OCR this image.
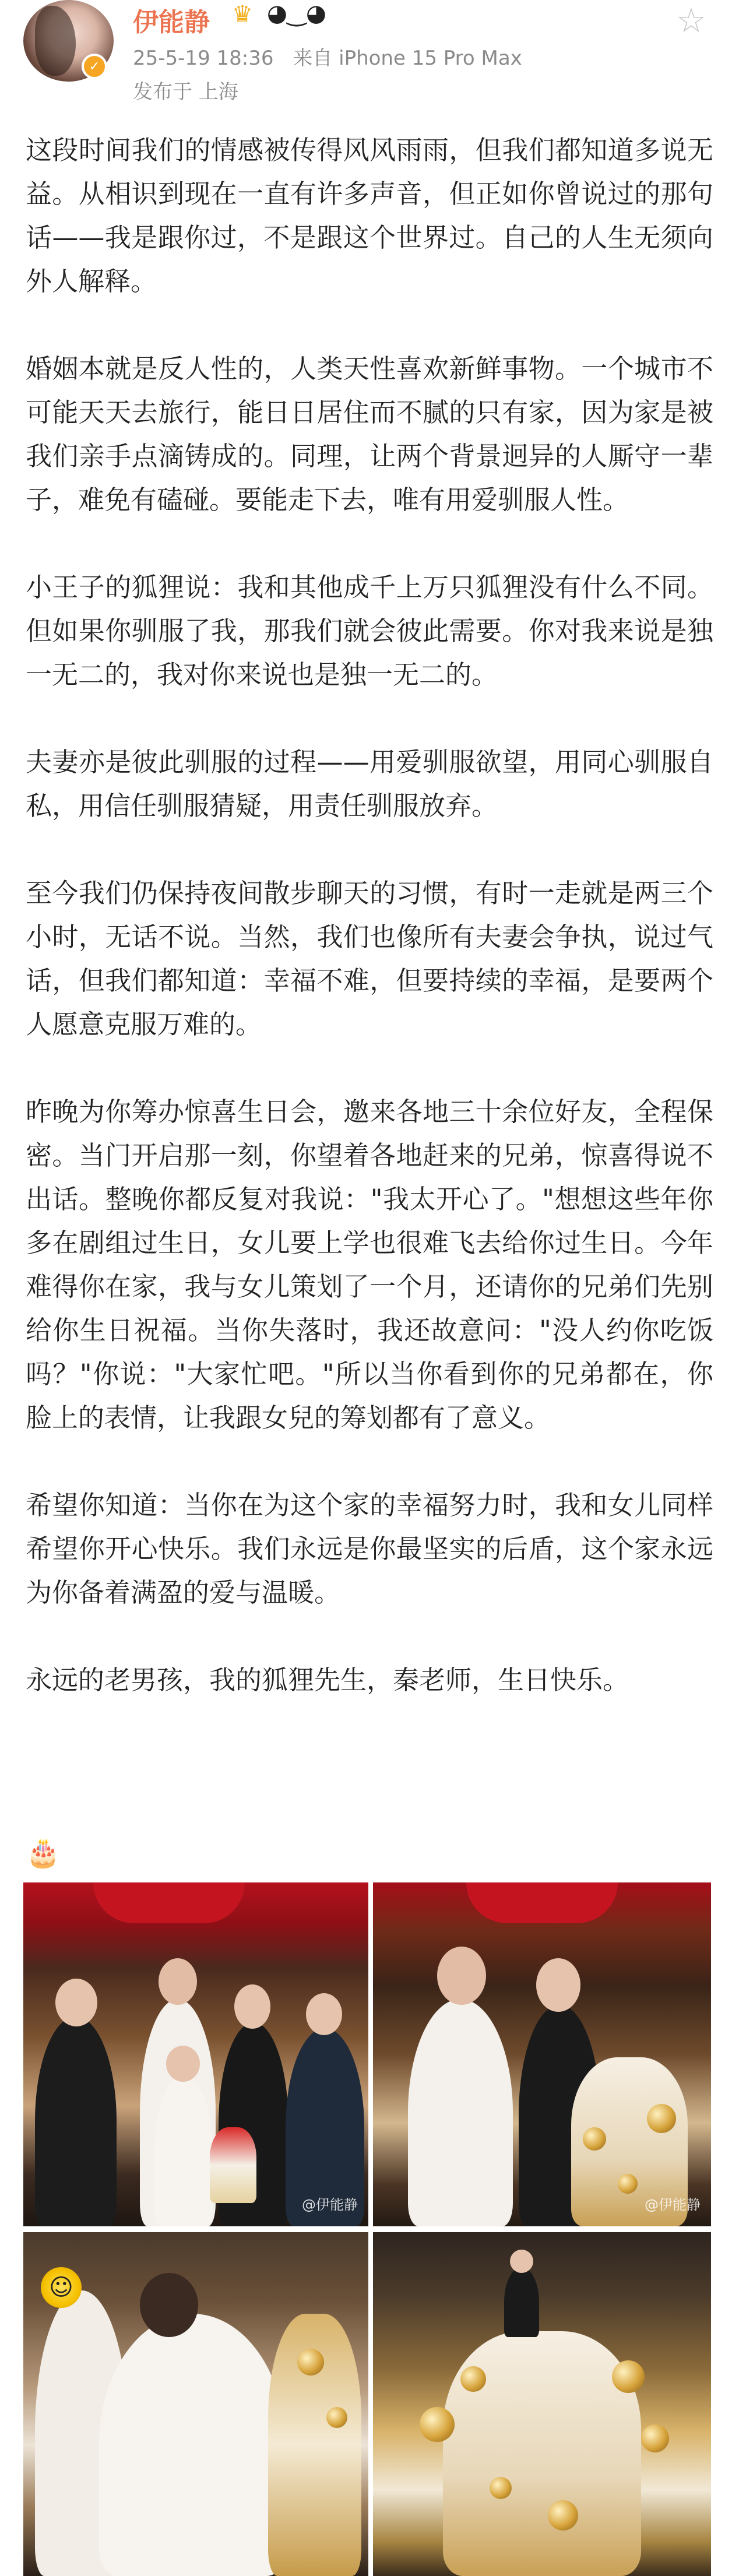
✓
伊能静 ♛ ◕‿◕
25-5-19 18:36 来自 iPhone 15 Pro Max
发布于 上海
☆

这段时间我们的情感被传得风风雨雨，但我们都知道多说无益。从相识到现在一直有许多声音，但正如你曾说过的那句话——我是跟你过，不是跟这个世界过。自己的人生无须向外人解释。

婚姻本就是反人性的，人类天性喜欢新鲜事物。一个城市不可能天天去旅行，能日日居住而不腻的只有家，因为家是被我们亲手点滴铸成的。同理，让两个背景迥异的人厮守一辈子，难免有磕碰。要能走下去，唯有用爱驯服人性。

小王子的狐狸说：我和其他成千上万只狐狸没有什么不同。但如果你驯服了我，那我们就会彼此需要。你对我来说是独一无二的，我对你来说也是独一无二的。

夫妻亦是彼此驯服的过程——用爱驯服欲望，用同心驯服自私，用信任驯服猜疑，用责任驯服放弃。

至今我们仍保持夜间散步聊天的习惯，有时一走就是两三个小时，无话不说。当然，我们也像所有夫妻会争执，说过气话，但我们都知道：幸福不难，但要持续的幸福，是要两个人愿意克服万难的。

昨晚为你筹办惊喜生日会，邀来各地三十余位好友，全程保密。当门开启那一刻，你望着各地赶来的兄弟，惊喜得说不出话。整晚你都反复对我说："我太开心了。"想想这些年你多在剧组过生日，女儿要上学也很难飞去给你过生日。今年难得你在家，我与女儿策划了一个月，还请你的兄弟们先别给你生日祝福。当你失落时，我还故意问："没人约你吃饭吗？"你说："大家忙吧。"所以当你看到你的兄弟都在，你脸上的表情，让我跟女兒的筹划都有了意义。

希望你知道：当你在为这个家的幸福努力时，我和女儿同样希望你开心快乐。我们永远是你最坚实的后盾，这个家永远为你备着满盈的爱与温暖。

永远的老男孩，我的狐狸先生，秦老师，生日快乐。

🎂
@伊能静	@伊能静
☺
